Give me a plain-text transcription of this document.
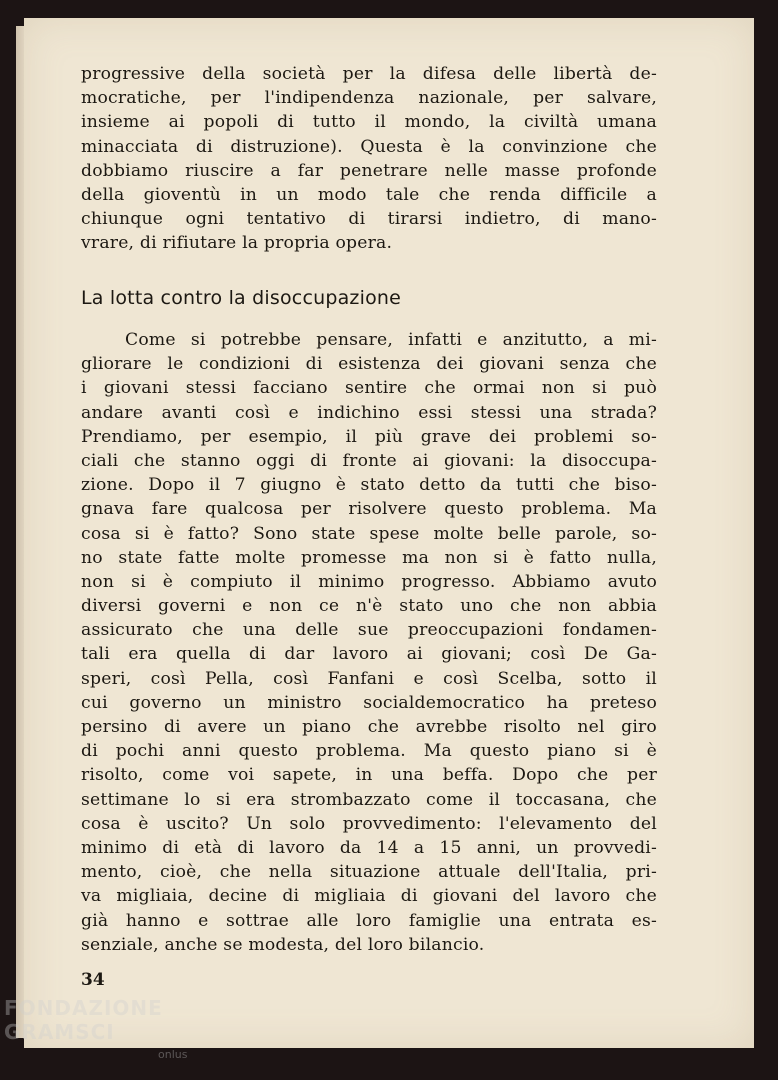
progressive della società per la difesa delle libertà de-
mocratiche, per l'indipendenza nazionale, per salvare,
insieme ai popoli di tutto il mondo, la civiltà umana
minacciata di distruzione). Questa è la convinzione che
dobbiamo riuscire a far penetrare nelle masse profonde
della gioventù in un modo tale che renda difficile a
chiunque ogni tentativo di tirarsi indietro, di mano-
vrare, di rifiutare la propria opera.
La lotta contro la disoccupazione
Come si potrebbe pensare, infatti e anzitutto, a mi-
gliorare le condizioni di esistenza dei giovani senza che
i giovani stessi facciano sentire che ormai non si può
andare avanti così e indichino essi stessi una strada?
Prendiamo, per esempio, il più grave dei problemi so-
ciali che stanno oggi di fronte ai giovani: la disoccupa-
zione. Dopo il 7 giugno è stato detto da tutti che biso-
gnava fare qualcosa per risolvere questo problema. Ma
cosa si è fatto? Sono state spese molte belle parole, so-
no state fatte molte promesse ma non si è fatto nulla,
non si è compiuto il minimo progresso. Abbiamo avuto
diversi governi e non ce n'è stato uno che non abbia
assicurato che una delle sue preoccupazioni fondamen-
tali era quella di dar lavoro ai giovani; così De Ga-
speri, così Pella, così Fanfani e così Scelba, sotto il
cui governo un ministro socialdemocratico ha preteso
persino di avere un piano che avrebbe risolto nel giro
di pochi anni questo problema. Ma questo piano si è
risolto, come voi sapete, in una beffa. Dopo che per
settimane lo si era strombazzato come il toccasana, che
cosa è uscito? Un solo provvedimento: l'elevamento del
minimo di età di lavoro da 14 a 15 anni, un provvedi-
mento, cioè, che nella situazione attuale dell'Italia, pri-
va migliaia, decine di migliaia di giovani del lavoro che
già hanno e sottrae alle loro famiglie una entrata es-
senziale, anche se modesta, del loro bilancio.
34
FONDAZIONE GRAMSCI
onlus
